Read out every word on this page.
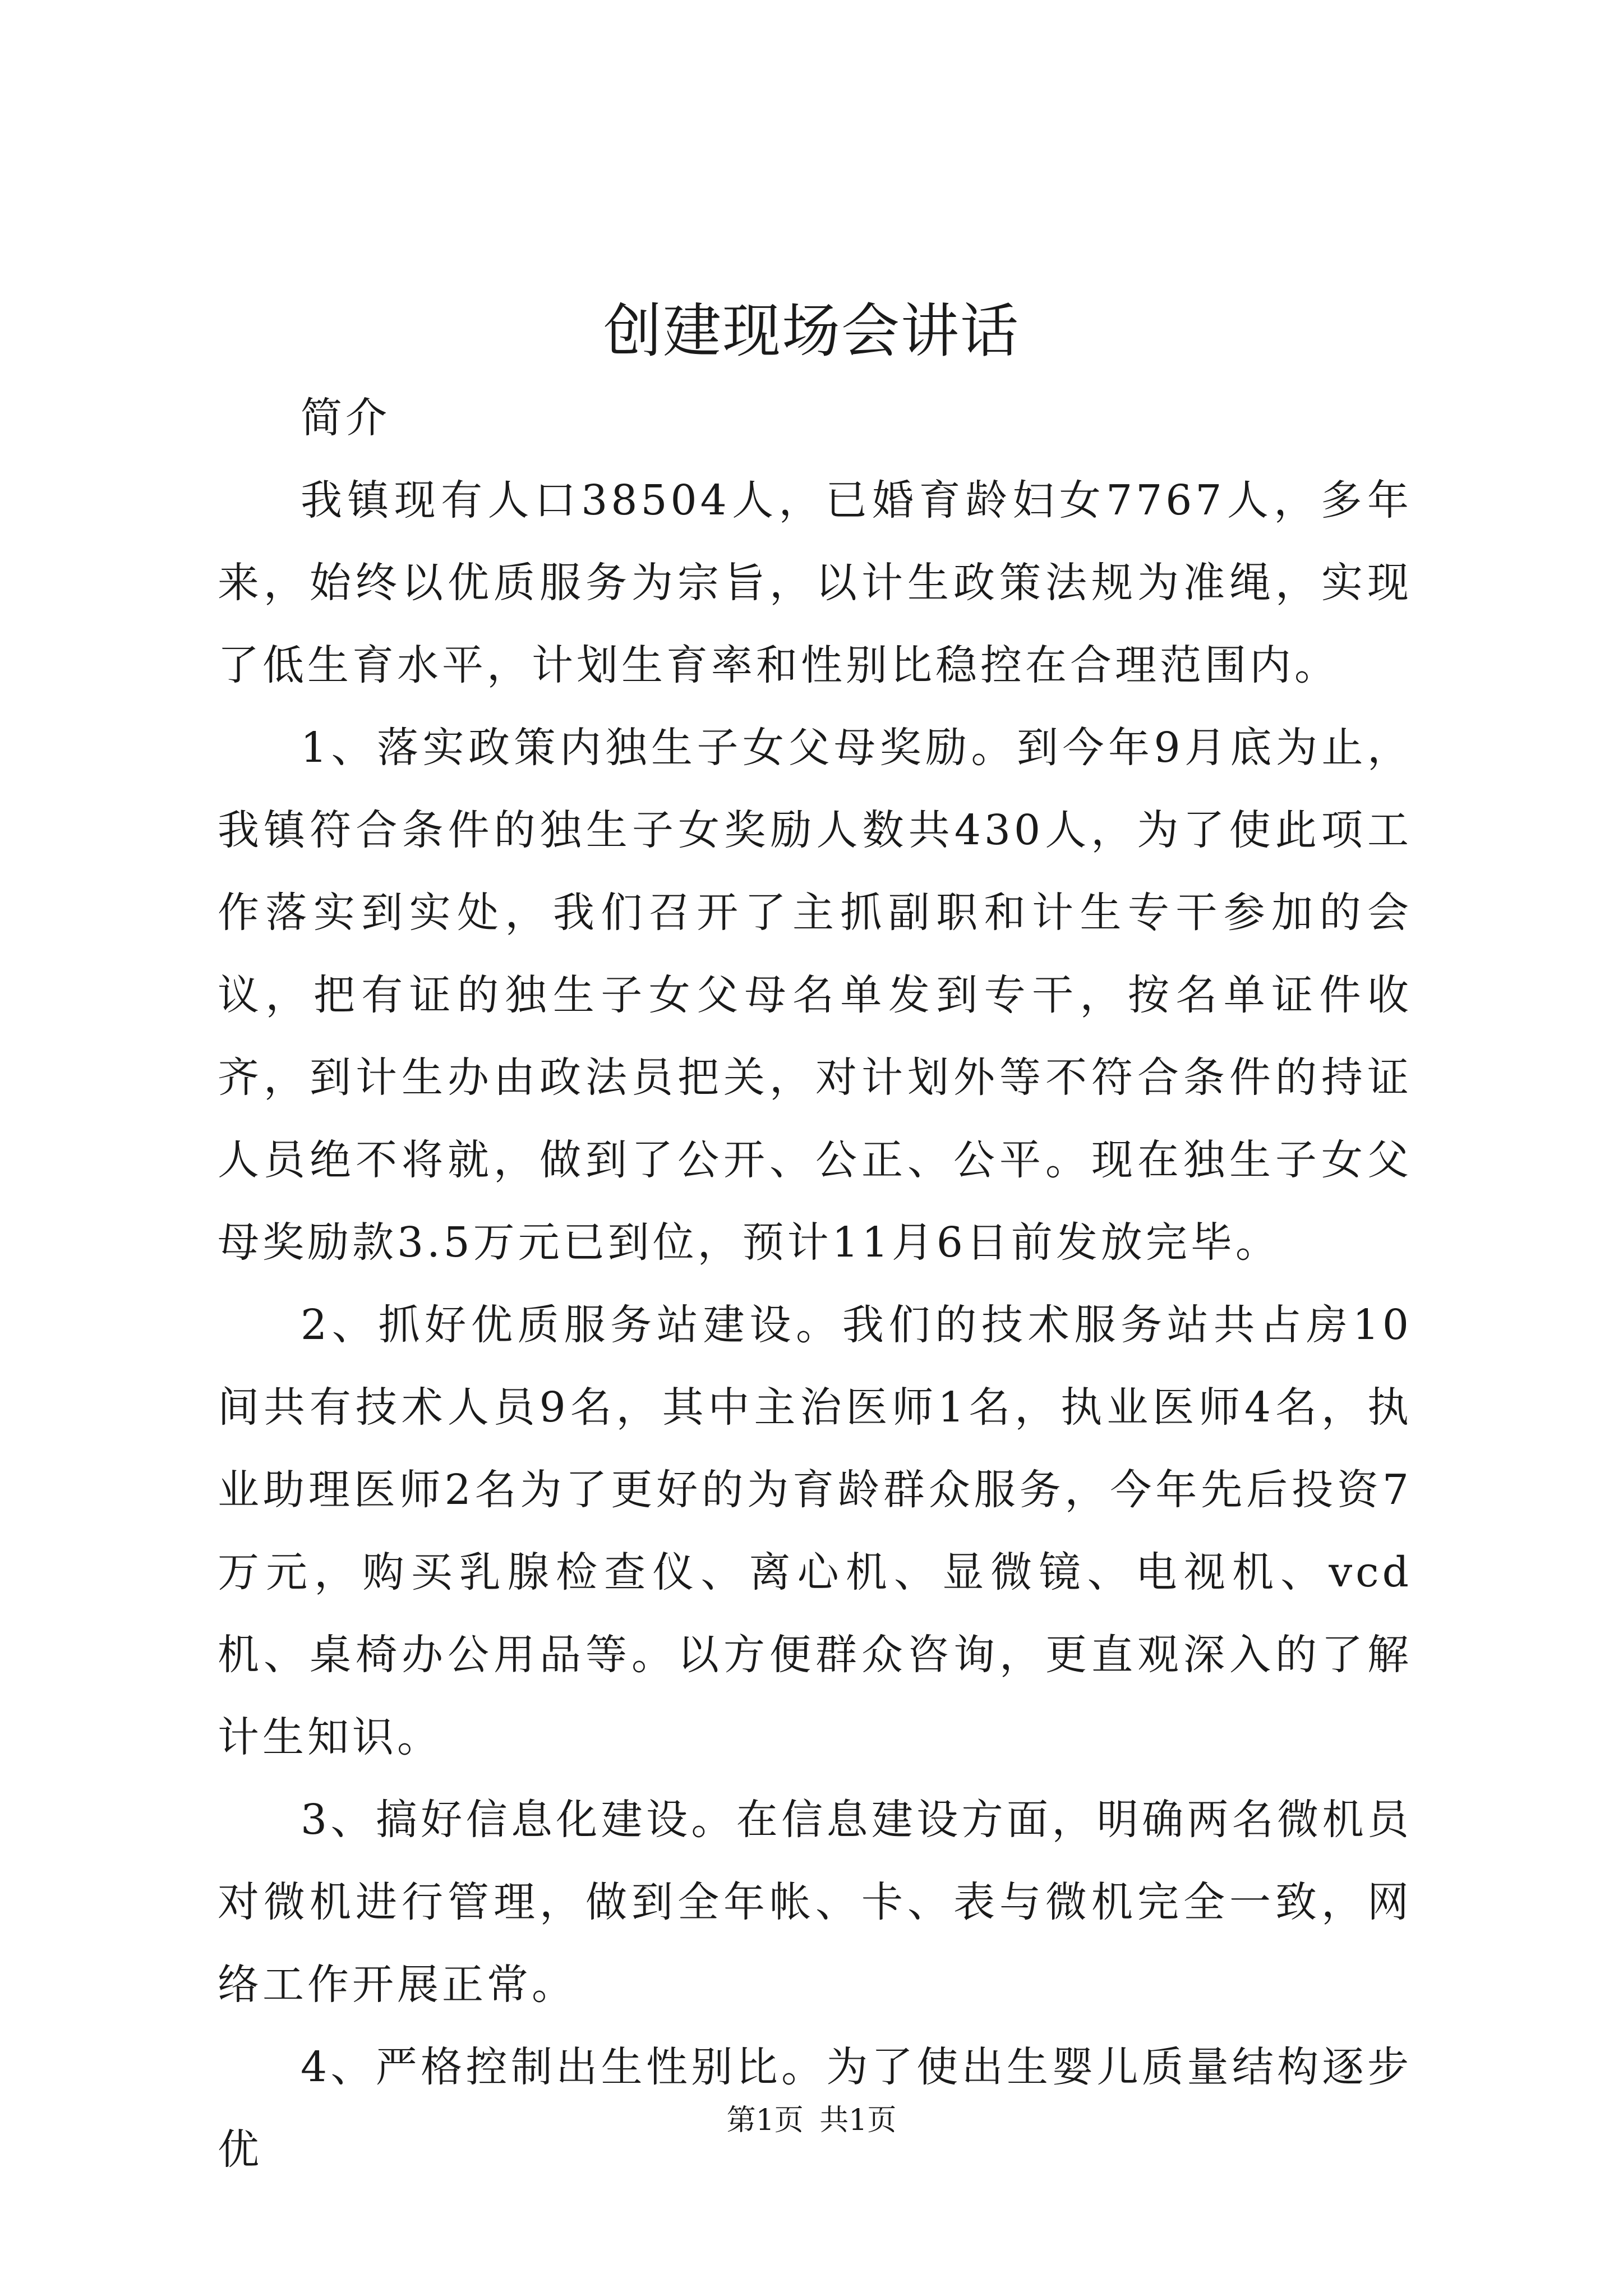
创建现场会讲话

简介

我镇现有人口38504人，已婚育龄妇女7767人，多年来，始终以优质服务为宗旨，以计生政策法规为准绳，实现了低生育水平，计划生育率和性别比稳控在合理范围内。

1、落实政策内独生子女父母奖励。到今年9月底为止，我镇符合条件的独生子女奖励人数共430人，为了使此项工作落实到实处，我们召开了主抓副职和计生专干参加的会议，把有证的独生子女父母名单发到专干，按名单证件收齐，到计生办由政法员把关，对计划外等不符合条件的持证人员绝不将就，做到了公开、公正、公平。现在独生子女父母奖励款3.5万元已到位，预计11月6日前发放完毕。

2、抓好优质服务站建设。我们的技术服务站共占房10间共有技术人员9名，其中主治医师1名，执业医师4名，执业助理医师2名为了更好的为育龄群众服务，今年先后投资7万元，购买乳腺检查仪、离心机、显微镜、电视机、vcd机、桌椅办公用品等。以方便群众咨询，更直观深入的了解计生知识。

3、搞好信息化建设。在信息建设方面，明确两名微机员对微机进行管理，做到全年帐、卡、表与微机完全一致，网络工作开展正常。

4、严格控制出生性别比。为了使出生婴儿质量结构逐步优

第1页 共1页
